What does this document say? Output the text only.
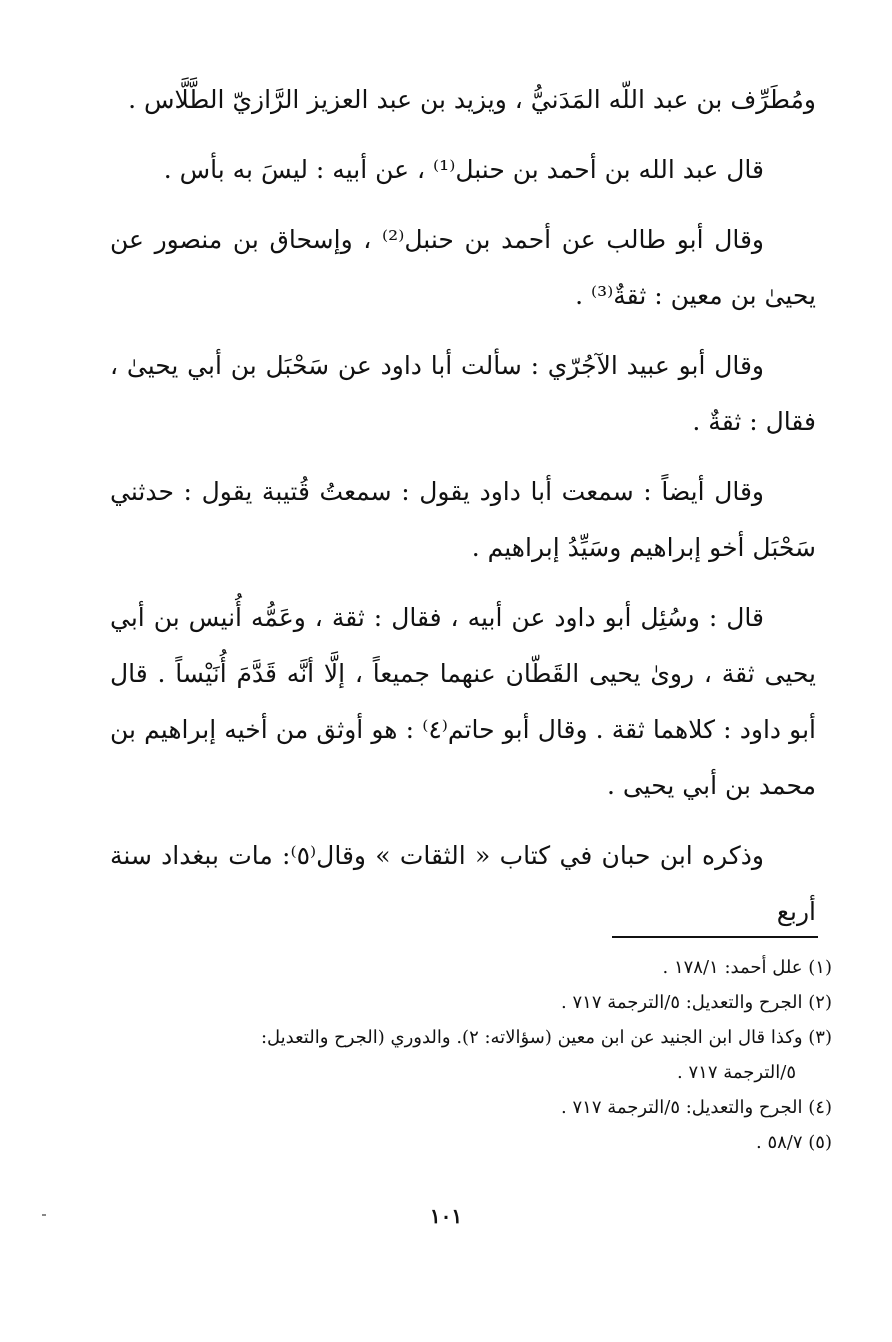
ومُطَرِّف بن عبد اللّه المَدَنيُّ ، ويزيد بن عبد العزيز الرَّازيّ الطَّلَّاس .

قال عبد الله بن أحمد بن حنبل⁽¹⁾ ، عن أبيه : ليسَ به بأس .

وقال أبو طالب عن أحمد بن حنبل⁽²⁾ ، وإسحاق بن منصور عن يحيىٰ بن معين : ثقةٌ⁽³⁾ .

وقال أبو عبيد الآجُرّي : سألت أبا داود عن سَحْبَل بن أبي يحيىٰ ، فقال : ثقةٌ .

وقال أيضاً : سمعت أبا داود يقول : سمعتُ قُتيبة يقول : حدثني سَحْبَل أخو إبراهيم وسَيِّدُ إبراهيم .

قال : وسُئِل أبو داود عن أبيه ، فقال : ثقة ، وعَمُّه أُنيس بن أبي يحيى ثقة ، روىٰ يحيى القَطّان عنهما جميعاً ، إلَّا أنَّه قَدَّمَ أُنَيْساً . قال أبو داود : كلاهما ثقة . وقال أبو حاتم⁽٤⁾ : هو أوثق من أخيه إبراهيم بن محمد بن أبي يحيى .

وذكره ابن حبان في كتاب « الثقات » وقال⁽٥⁾: مات ببغداد سنة أربع

(١) علل أحمد: ١٧٨/١ .

(٢) الجرح والتعديل: ٥/الترجمة ٧١٧ .

(٣) وكذا قال ابن الجنيد عن ابن معين (سؤالاته: ٢). والدوري (الجرح والتعديل:

٥/الترجمة ٧١٧ .

(٤) الجرح والتعديل: ٥/الترجمة ٧١٧ .

(٥) ٥٨/٧ .

١٠١
